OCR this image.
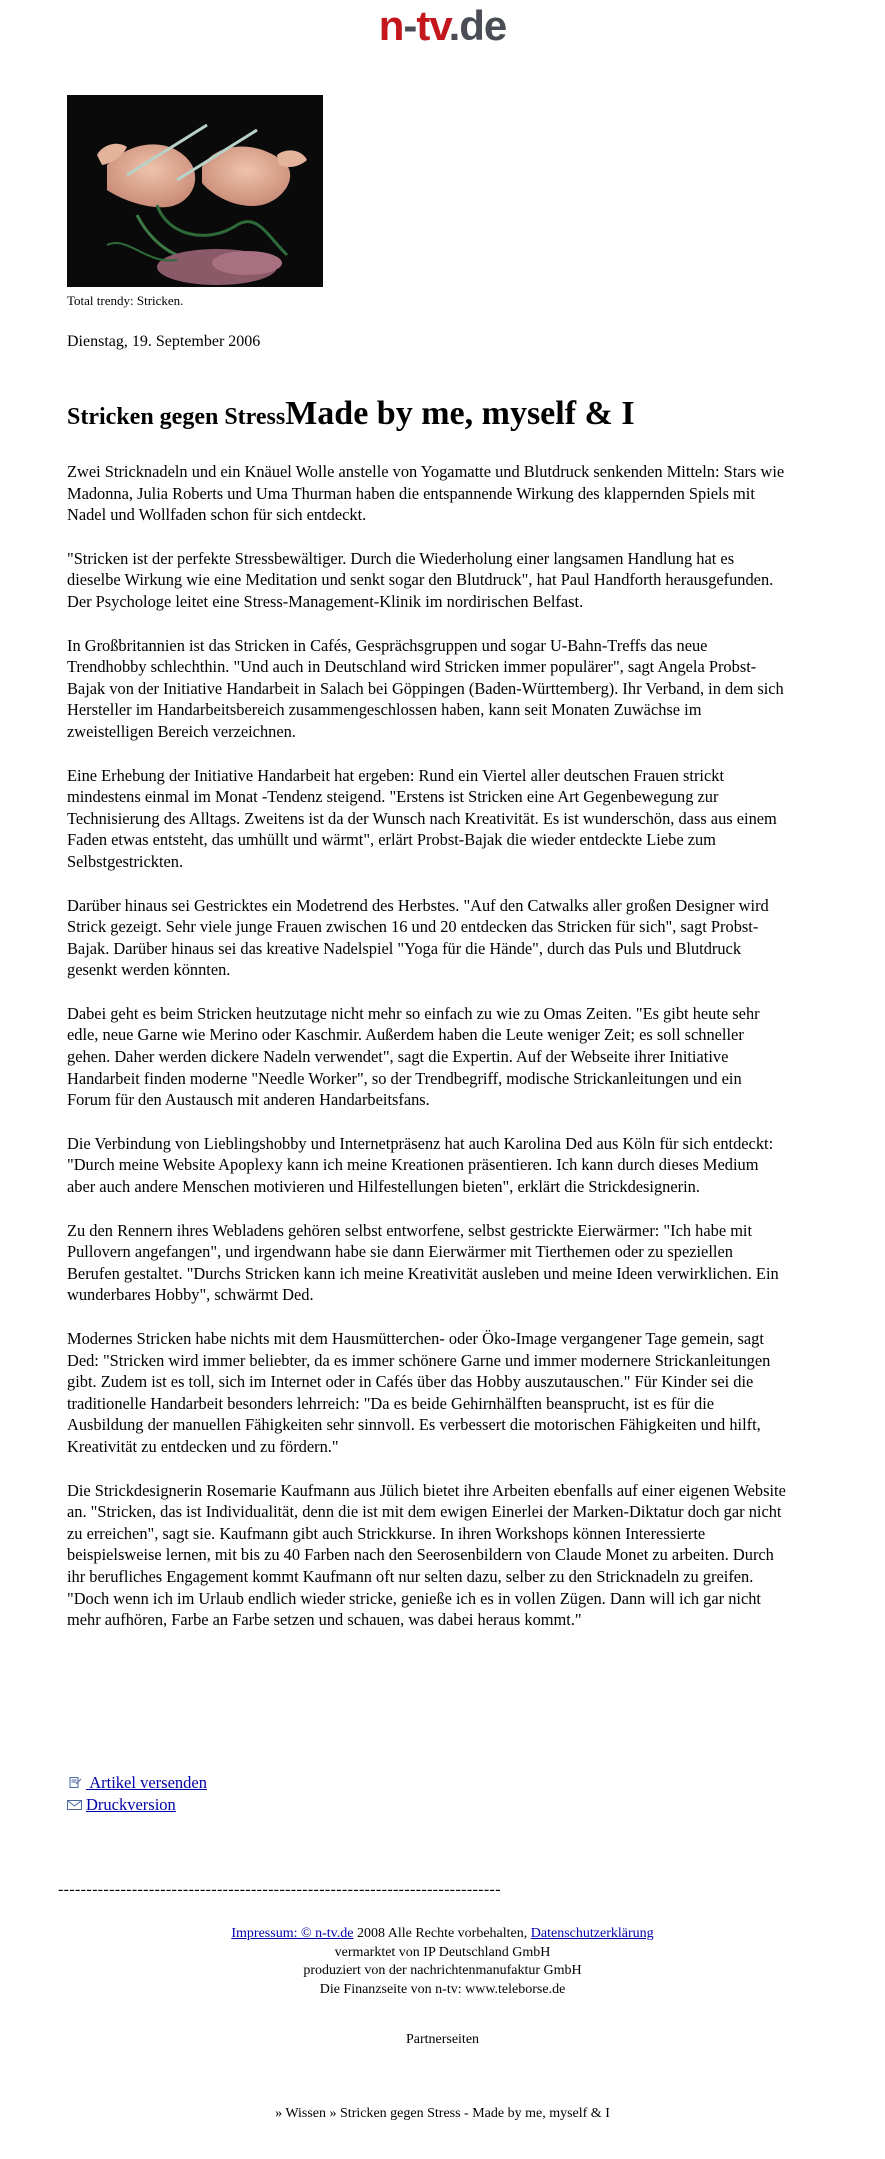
n-tv.de
Total trendy: Stricken.
Dienstag, 19. September 2006
Stricken gegen StressMade by me, myself & I

Zwei Stricknadeln und ein Knäuel Wolle anstelle von Yogamatte und Blutdruck senkenden Mitteln: Stars wie Madonna, Julia Roberts und Uma Thurman haben die entspannende Wirkung des klappernden Spiels mit Nadel und Wollfaden schon für sich entdeckt.

"Stricken ist der perfekte Stressbewältiger. Durch die Wiederholung einer langsamen Handlung hat es dieselbe Wirkung wie eine Meditation und senkt sogar den Blutdruck", hat Paul Handforth herausgefunden. Der Psychologe leitet eine Stress-Management-Klinik im nordirischen Belfast.

In Großbritannien ist das Stricken in Cafés, Gesprächsgruppen und sogar U-Bahn-Treffs das neue Trendhobby schlechthin. "Und auch in Deutschland wird Stricken immer populärer", sagt Angela Probst-Bajak von der Initiative Handarbeit in Salach bei Göppingen (Baden-Württemberg). Ihr Verband, in dem sich Hersteller im Handarbeitsbereich zusammengeschlossen haben, kann seit Monaten Zuwächse im zweistelligen Bereich verzeichnen.

Eine Erhebung der Initiative Handarbeit hat ergeben: Rund ein Viertel aller deutschen Frauen strickt mindestens einmal im Monat -Tendenz steigend. "Erstens ist Stricken eine Art Gegenbewegung zur Technisierung des Alltags. Zweitens ist da der Wunsch nach Kreativität. Es ist wunderschön, dass aus einem Faden etwas entsteht, das umhüllt und wärmt", erlärt Probst-Bajak die wieder entdeckte Liebe zum Selbstgestrickten.

Darüber hinaus sei Gestricktes ein Modetrend des Herbstes. "Auf den Catwalks aller großen Designer wird Strick gezeigt. Sehr viele junge Frauen zwischen 16 und 20 entdecken das Stricken für sich", sagt Probst-Bajak. Darüber hinaus sei das kreative Nadelspiel "Yoga für die Hände", durch das Puls und Blutdruck gesenkt werden könnten.

Dabei geht es beim Stricken heutzutage nicht mehr so einfach zu wie zu Omas Zeiten. "Es gibt heute sehr edle, neue Garne wie Merino oder Kaschmir. Außerdem haben die Leute weniger Zeit; es soll schneller gehen. Daher werden dickere Nadeln verwendet", sagt die Expertin. Auf der Webseite ihrer Initiative Handarbeit finden moderne "Needle Worker", so der Trendbegriff, modische Strickanleitungen und ein Forum für den Austausch mit anderen Handarbeitsfans.

Die Verbindung von Lieblingshobby und Internetpräsenz hat auch Karolina Ded aus Köln für sich entdeckt: "Durch meine Website Apoplexy kann ich meine Kreationen präsentieren. Ich kann durch dieses Medium aber auch andere Menschen motivieren und Hilfestellungen bieten", erklärt die Strickdesignerin.

Zu den Rennern ihres Webladens gehören selbst entworfene, selbst gestrickte Eierwärmer: "Ich habe mit Pullovern angefangen", und irgendwann habe sie dann Eierwärmer mit Tierthemen oder zu speziellen Berufen gestaltet. "Durchs Stricken kann ich meine Kreativität ausleben und meine Ideen verwirklichen. Ein wunderbares Hobby", schwärmt Ded.

Modernes Stricken habe nichts mit dem Hausmütterchen- oder Öko-Image vergangener Tage gemein, sagt Ded: "Stricken wird immer beliebter, da es immer schönere Garne und immer modernere Strickanleitungen gibt. Zudem ist es toll, sich im Internet oder in Cafés über das Hobby auszutauschen." Für Kinder sei die traditionelle Handarbeit besonders lehrreich: "Da es beide Gehirnhälften beansprucht, ist es für die Ausbildung der manuellen Fähigkeiten sehr sinnvoll. Es verbessert die motorischen Fähigkeiten und hilft, Kreativität zu entdecken und zu fördern."

Die Strickdesignerin Rosemarie Kaufmann aus Jülich bietet ihre Arbeiten ebenfalls auf einer eigenen Website an. "Stricken, das ist Individualität, denn die ist mit dem ewigen Einerlei der Marken-Diktatur doch gar nicht zu erreichen", sagt sie. Kaufmann gibt auch Strickkurse. In ihren Workshops können Interessierte beispielsweise lernen, mit bis zu 40 Farben nach den Seerosenbildern von Claude Monet zu arbeiten. Durch ihr berufliches Engagement kommt Kaufmann oft nur selten dazu, selber zu den Stricknadeln zu greifen. "Doch wenn ich im Urlaub endlich wieder stricke, genieße ich es in vollen Zügen. Dann will ich gar nicht mehr aufhören, Farbe an Farbe setzen und schauen, was dabei heraus kommt."

Artikel versenden
Druckversion
------------------------------------------------------------------------------
Impressum: © n-tv.de 2008 Alle Rechte vorbehalten, Datenschutzerklärung
vermarktet von IP Deutschland GmbH
produziert von der nachrichtenmanufaktur GmbH
Die Finanzseite von n-tv: www.teleborse.de
Partnerseiten
» Wissen » Stricken gegen Stress - Made by me, myself & I
